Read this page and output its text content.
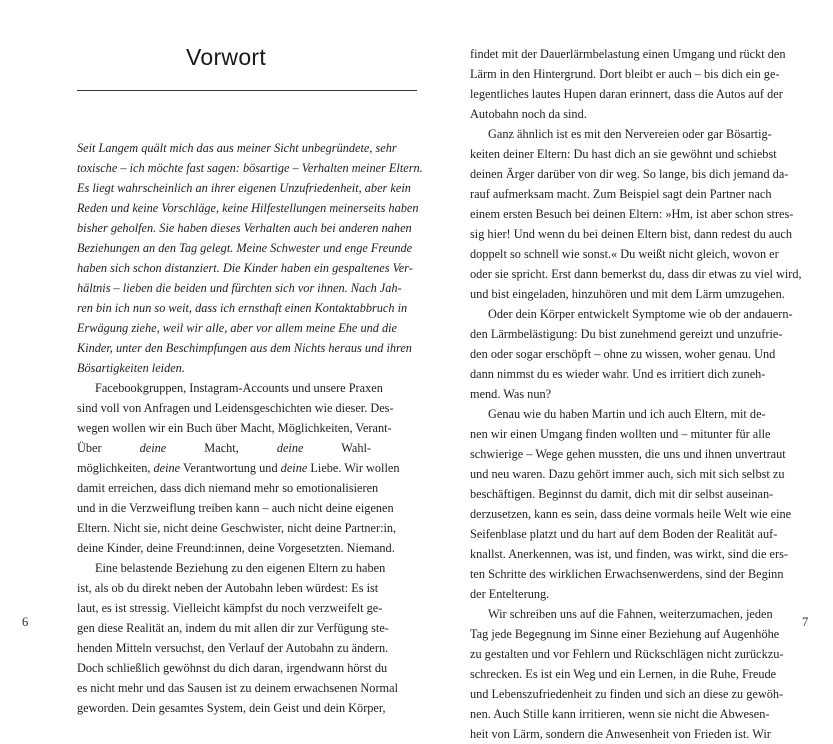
Vorwort
Seit Langem quält mich das aus meiner Sicht unbegründete, sehr
toxische – ich möchte fast sagen: bösartige – Verhalten meiner Eltern.
Es liegt wahrscheinlich an ihrer eigenen Unzufriedenheit, aber kein
Reden und keine Vorschläge, keine Hilfestellungen meinerseits haben
bisher geholfen. Sie haben dieses Verhalten auch bei anderen nahen
Beziehungen an den Tag gelegt. Meine Schwester und enge Freunde
haben sich schon distanziert. Die Kinder haben ein gespaltenes Ver-
hältnis – lieben die beiden und fürchten sich vor ihnen. Nach Jah-
ren bin ich nun so weit, dass ich ernsthaft einen Kontaktabbruch in
Erwägung ziehe, weil wir alle, aber vor allem meine Ehe und die
Kinder, unter den Beschimpfungen aus dem Nichts heraus und ihren
Bösartigkeiten leiden.
Facebookgruppen, Instagram-Accounts und unsere Praxen
sind voll von Anfragen und Leidensgeschichten wie dieser. Des-
wegen wollen wir ein Buch über Macht, Möglichkeiten, Verant-
Über deine Macht, deine Wahl-
möglichkeiten, deine Verantwortung und deine Liebe. Wir wollen
damit erreichen, dass dich niemand mehr so emotionalisieren
und in die Verzweiflung treiben kann – auch nicht deine eigenen
Eltern. Nicht sie, nicht deine Geschwister, nicht deine Partner:in,
deine Kinder, deine Freund:innen, deine Vorgesetzten. Niemand.
Eine belastende Beziehung zu den eigenen Eltern zu haben
ist, als ob du direkt neben der Autobahn leben würdest: Es ist
laut, es ist stressig. Vielleicht kämpfst du noch verzweifelt ge-
gen diese Realität an, indem du mit allen dir zur Verfügung ste-
henden Mitteln versuchst, den Verlauf der Autobahn zu ändern.
Doch schließlich gewöhnst du dich daran, irgendwann hörst du
es nicht mehr und das Sausen ist zu deinem erwachsenen Normal
geworden. Dein gesamtes System, dein Geist und dein Körper,
6
findet mit der Dauerlärmbelastung einen Umgang und rückt den
Lärm in den Hintergrund. Dort bleibt er auch – bis dich ein ge-
legentliches lautes Hupen daran erinnert, dass die Autos auf der
Autobahn noch da sind.
Ganz ähnlich ist es mit den Nervereien oder gar Bösartig-
keiten deiner Eltern: Du hast dich an sie gewöhnt und schiebst
deinen Ärger darüber von dir weg. So lange, bis dich jemand da-
rauf aufmerksam macht. Zum Beispiel sagt dein Partner nach
einem ersten Besuch bei deinen Eltern: »Hm, ist aber schon stres-
sig hier! Und wenn du bei deinen Eltern bist, dann redest du auch
doppelt so schnell wie sonst.« Du weißt nicht gleich, wovon er
oder sie spricht. Erst dann bemerkst du, dass dir etwas zu viel wird,
und bist eingeladen, hinzuhören und mit dem Lärm umzugehen.
Oder dein Körper entwickelt Symptome wie ob der andauern-
den Lärmbelästigung: Du bist zunehmend gereizt und unzufrie-
den oder sogar erschöpft – ohne zu wissen, woher genau. Und
dann nimmst du es wieder wahr. Und es irritiert dich zuneh-
mend. Was nun?
Genau wie du haben Martin und ich auch Eltern, mit de-
nen wir einen Umgang finden wollten und – mitunter für alle
schwierige – Wege gehen mussten, die uns und ihnen unvertraut
und neu waren. Dazu gehört immer auch, sich mit sich selbst zu
beschäftigen. Beginnst du damit, dich mit dir selbst auseinan-
derzusetzen, kann es sein, dass deine vormals heile Welt wie eine
Seifenblase platzt und du hart auf dem Boden der Realität auf-
knallst. Anerkennen, was ist, und finden, was wirkt, sind die ers-
ten Schritte des wirklichen Erwachsenwerdens, sind der Beginn
der Entelterung.
Wir schreiben uns auf die Fahnen, weiterzumachen, jeden
Tag jede Begegnung im Sinne einer Beziehung auf Augenhöhe
zu gestalten und vor Fehlern und Rückschlägen nicht zurückzu-
schrecken. Es ist ein Weg und ein Lernen, in die Ruhe, Freude
und Lebenszufriedenheit zu finden und sich an diese zu gewöh-
nen. Auch Stille kann irritieren, wenn sie nicht die Abwesen-
heit von Lärm, sondern die Anwesenheit von Frieden ist. Wir
7
